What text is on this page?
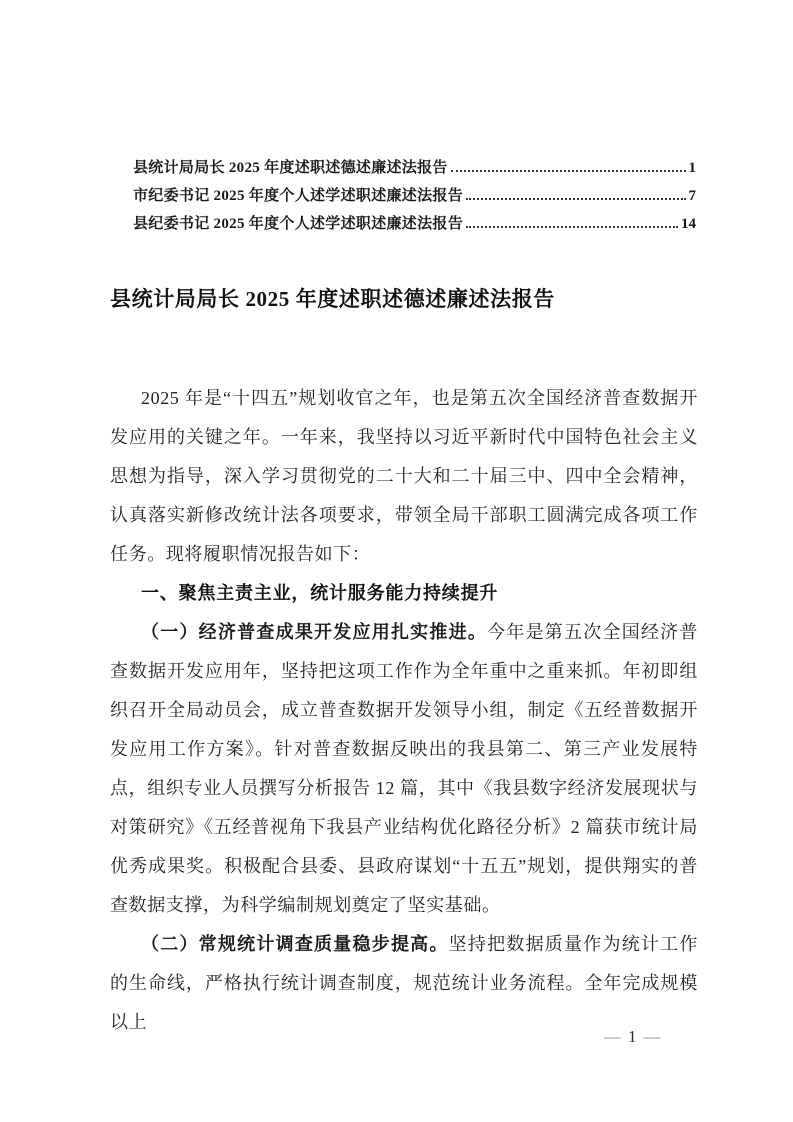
县统计局局长 2025 年度述职述德述廉述法报告	1
市纪委书记 2025 年度个人述学述职述廉述法报告	7
县纪委书记 2025 年度个人述学述职述廉述法报告	14
县统计局局长 2025 年度述职述德述廉述法报告

2025 年是“十四五”规划收官之年，也是第五次全国经济普查数据开发应用的关键之年。一年来，我坚持以习近平新时代中国特色社会主义思想为指导，深入学习贯彻党的二十大和二十届三中、四中全会精神，认真落实新修改统计法各项要求，带领全局干部职工圆满完成各项工作任务。现将履职情况报告如下：

一、聚焦主责主业，统计服务能力持续提升

（一）经济普查成果开发应用扎实推进。今年是第五次全国经济普查数据开发应用年，坚持把这项工作作为全年重中之重来抓。年初即组织召开全局动员会，成立普查数据开发领导小组，制定《五经普数据开发应用工作方案》。针对普查数据反映出的我县第二、第三产业发展特点，组织专业人员撰写分析报告 12 篇，其中《我县数字经济发展现状与对策研究》《五经普视角下我县产业结构优化路径分析》2 篇获市统计局优秀成果奖。积极配合县委、县政府谋划“十五五”规划，提供翔实的普查数据支撑，为科学编制规划奠定了坚实基础。

（二）常规统计调查质量稳步提高。坚持把数据质量作为统计工作的生命线，严格执行统计调查制度，规范统计业务流程。全年完成规模以上

— 1 —
